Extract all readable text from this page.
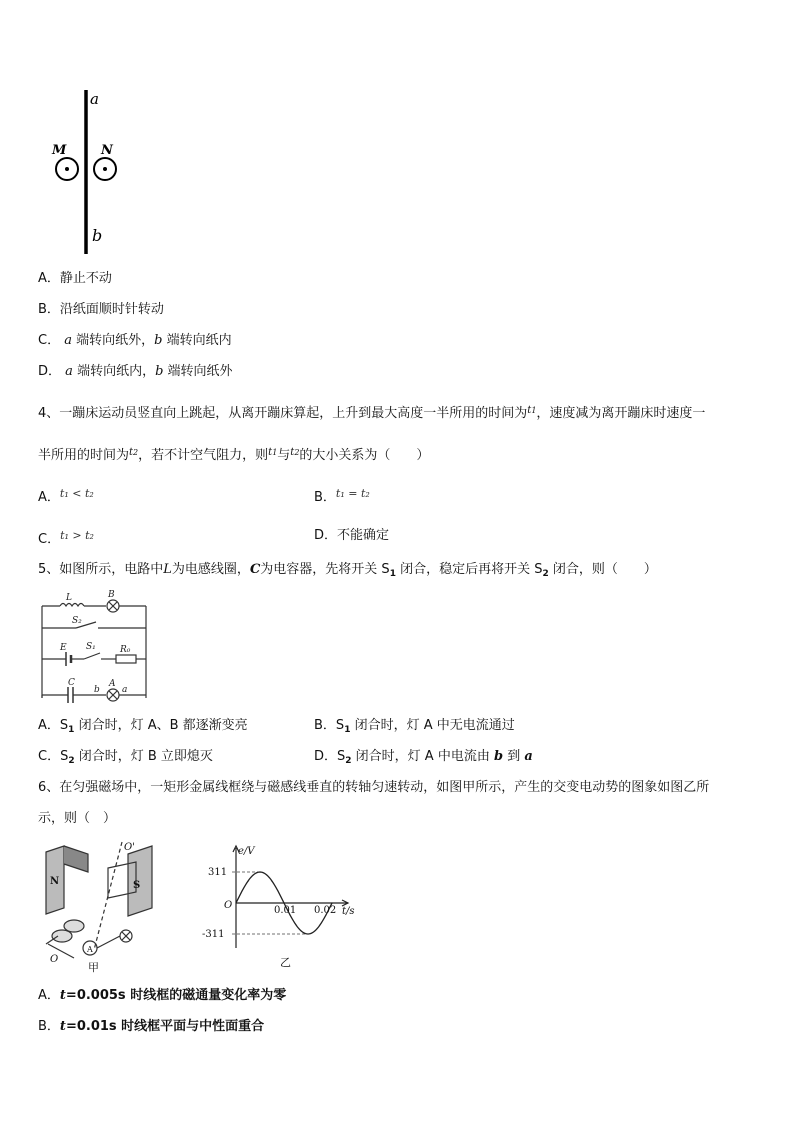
a
b
M	N
A．静止不动
B．沿纸面顺时针转动
C． a 端转向纸外，b 端转向纸内
D． a 端转向纸内，b 端转向纸外
4、一蹦床运动员竖直向上跳起，从离开蹦床算起，上升到最大高度一半所用的时间为$^{t1}$，速度减为离开蹦床时速度一
半所用的时间为$^{t2}$，若不计空气阻力，则$^{t1}$与$^{t2}$的大小关系为（　　）
A．$^{t_1 < t_2}$	B．$^{t_1 = t_2}$
C．$^{t_1 > t_2}$	D．不能确定
5、如图所示，电路中L为电感线圈，C为电容器，先将开关 $S_1$ 闭合，稳定后再将开关 $S_2$ 闭合，则（　　）
L	B
S₂
E S₁	R₀
C
b
A
a
A．$S_1$ 闭合时，灯 A、B 都逐渐变亮	B．$S_1$ 闭合时，灯 A 中无电流通过
C．$S_2$ 闭合时，灯 B 立即熄灭	D．$S_2$ 闭合时，灯 A 中电流由 b 到 a
6、在匀强磁场中，一矩形金属线框绕与磁感线垂直的转轴匀速转动，如图甲所示，产生的交变电动势的图象如图乙所
示，则（　）
N	S
A
O'
O
甲
e/V
t/s
311
-311
0.01 0.02
O
乙
A．t=0.005s 时线框的磁通量变化率为零
B．t=0.01s 时线框平面与中性面重合
